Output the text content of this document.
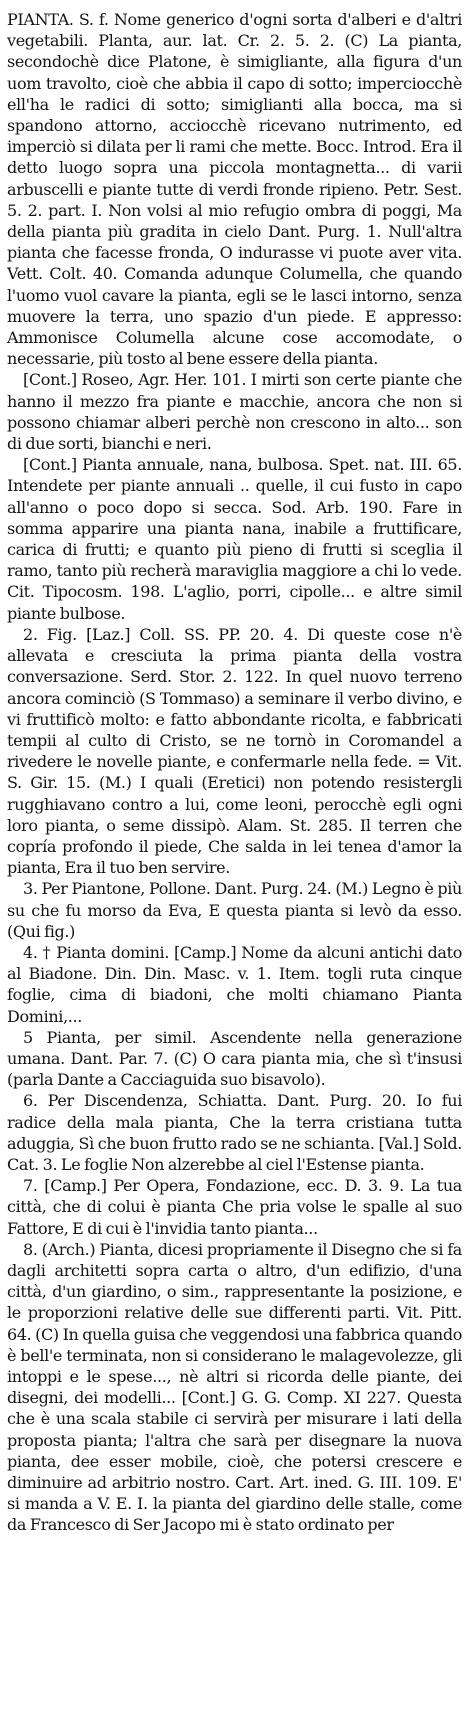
PIANTA. S. f. Nome generico d'ogni sorta d'alberi e d'altri vegetabili. Planta, aur. lat. Cr. 2. 5. 2. (C) La pianta, secondochè dice Platone, è simigliante, alla figura d'un uom travolto, cioè che abbia il capo di sotto; imperciocchè ell'ha le radici di sotto; simiglianti alla bocca, ma si spandono attorno, acciocchè ricevano nutrimento, ed imperciò si dilata per li rami che mette. Bocc. Introd. Era il detto luogo sopra una piccola montagnetta... di varii arbuscelli e piante tutte di verdi fronde ripieno. Petr. Sest. 5. 2. part. I. Non volsi al mio refugio ombra di poggi, Ma della pianta più gradita in cielo Dant. Purg. 1. Null'altra pianta che facesse fronda, O indurasse vi puote aver vita. Vett. Colt. 40. Comanda adunque Columella, che quando l'uomo vuol cavare la pianta, egli se le lasci intorno, senza muovere la terra, uno spazio d'un piede. E appresso: Ammonisce Columella alcune cose accomodate, o necessarie, più tosto al bene essere della pianta.

[Cont.] Roseo, Agr. Her. 101. I mirti son certe piante che hanno il mezzo fra piante e macchie, ancora che non si possono chiamar alberi perchè non crescono in alto... son di due sorti, bianchi e neri.

[Cont.] Pianta annuale, nana, bulbosa. Spet. nat. III. 65. Intendete per piante annuali .. quelle, il cui fusto in capo all'anno o poco dopo si secca. Sod. Arb. 190. Fare in somma apparire una pianta nana, inabile a fruttificare, carica di frutti; e quanto più pieno di frutti si sceglia il ramo, tanto più recherà maraviglia maggiore a chi lo vede. Cit. Tipocosm. 198. L'aglio, porri, cipolle... e altre simil piante bulbose.

2. Fig. [Laz.] Coll. SS. PP. 20. 4. Di queste cose n'è allevata e cresciuta la prima pianta della vostra conversazione. Serd. Stor. 2. 122. In quel nuovo terreno ancora cominciò (S Tommaso) a seminare il verbo divino, e vi fruttificò molto: e fatto abbondante ricolta, e fabbricati tempii al culto di Cristo, se ne tornò in Coromandel a rivedere le novelle piante, e confermarle nella fede. = Vit. S. Gir. 15. (M.) I quali (Eretici) non potendo resistergli rugghiavano contro a lui, come leoni, perocchè egli ogni loro pianta, o seme dissipò. Alam. St. 285. Il terren che copría profondo il piede, Che salda in lei tenea d'amor la pianta, Era il tuo ben servire.

3. Per Piantone, Pollone. Dant. Purg. 24. (M.) Legno è più su che fu morso da Eva, E questa pianta si levò da esso. (Qui fig.)

4. † Pianta domini. [Camp.] Nome da alcuni antichi dato al Biadone. Din. Din. Masc. v. 1. Item. togli ruta cinque foglie, cima di biadoni, che molti chiamano Pianta Domini,...

5 Pianta, per simil. Ascendente nella generazione umana. Dant. Par. 7. (C) O cara pianta mia, che sì t'insusi (parla Dante a Cacciaguida suo bisavolo).

6. Per Discendenza, Schiatta. Dant. Purg. 20. Io fui radice della mala pianta, Che la terra cristiana tutta aduggia, Sì che buon frutto rado se ne schianta. [Val.] Sold. Cat. 3. Le foglie Non alzerebbe al ciel l'Estense pianta.

7. [Camp.] Per Opera, Fondazione, ecc. D. 3. 9. La tua città, che di colui è pianta Che pria volse le spalle al suo Fattore, E di cui è l'invidia tanto pianta...

8. (Arch.) Pianta, dicesi propriamente il Disegno che si fa dagli architetti sopra carta o altro, d'un edifizio, d'una città, d'un giardino, o sim., rappresentante la posizione, e le proporzioni relative delle sue differenti parti. Vit. Pitt. 64. (C) In quella guisa che veggendosi una fabbrica quando è bell'e terminata, non si considerano le malagevolezze, gli intoppi e le spese..., nè altri si ricorda delle piante, dei disegni, dei modelli... [Cont.] G. G. Comp. XI 227. Questa che è una scala stabile ci servirà per misurare i lati della proposta pianta; l'altra che sarà per disegnare la nuova pianta, dee esser mobile, cioè, che potersi crescere e diminuire ad arbitrio nostro. Cart. Art. ined. G. III. 109. E' si manda a V. E. I. la pianta del giardino delle stalle, come da Francesco di Ser Jacopo mi è stato ordinato per
